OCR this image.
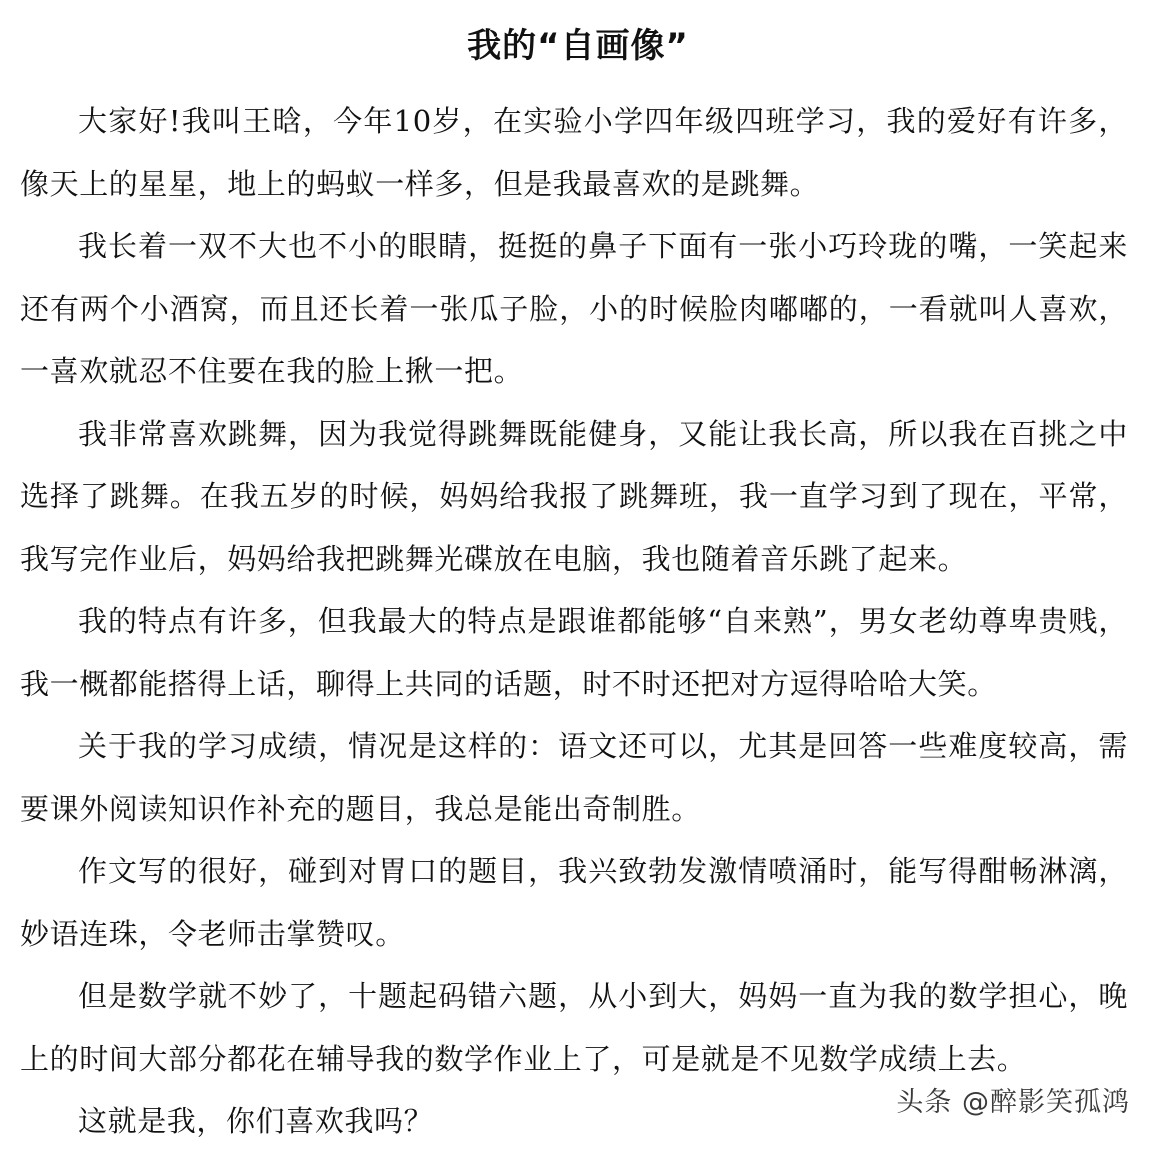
我的“自画像”

大家好!我叫王晗，今年10岁，在实验小学四年级四班学习，我的爱好有许多，像天上的星星，地上的蚂蚁一样多，但是我最喜欢的是跳舞。

我长着一双不大也不小的眼睛，挺挺的鼻子下面有一张小巧玲珑的嘴，一笑起来还有两个小酒窝，而且还长着一张瓜子脸，小的时候脸肉嘟嘟的，一看就叫人喜欢，一喜欢就忍不住要在我的脸上揪一把。

我非常喜欢跳舞，因为我觉得跳舞既能健身，又能让我长高，所以我在百挑之中选择了跳舞。在我五岁的时候，妈妈给我报了跳舞班，我一直学习到了现在，平常，我写完作业后，妈妈给我把跳舞光碟放在电脑，我也随着音乐跳了起来。

我的特点有许多，但我最大的特点是跟谁都能够“自来熟”，男女老幼尊卑贵贱，我一概都能搭得上话，聊得上共同的话题，时不时还把对方逗得哈哈大笑。

关于我的学习成绩，情况是这样的：语文还可以，尤其是回答一些难度较高，需要课外阅读知识作补充的题目，我总是能出奇制胜。

作文写的很好，碰到对胃口的题目，我兴致勃发激情喷涌时，能写得酣畅淋漓，妙语连珠，令老师击掌赞叹。

但是数学就不妙了，十题起码错六题，从小到大，妈妈一直为我的数学担心，晚上的时间大部分都花在辅导我的数学作业上了，可是就是不见数学成绩上去。

这就是我，你们喜欢我吗？

头条 @醉影笑孤鸿
